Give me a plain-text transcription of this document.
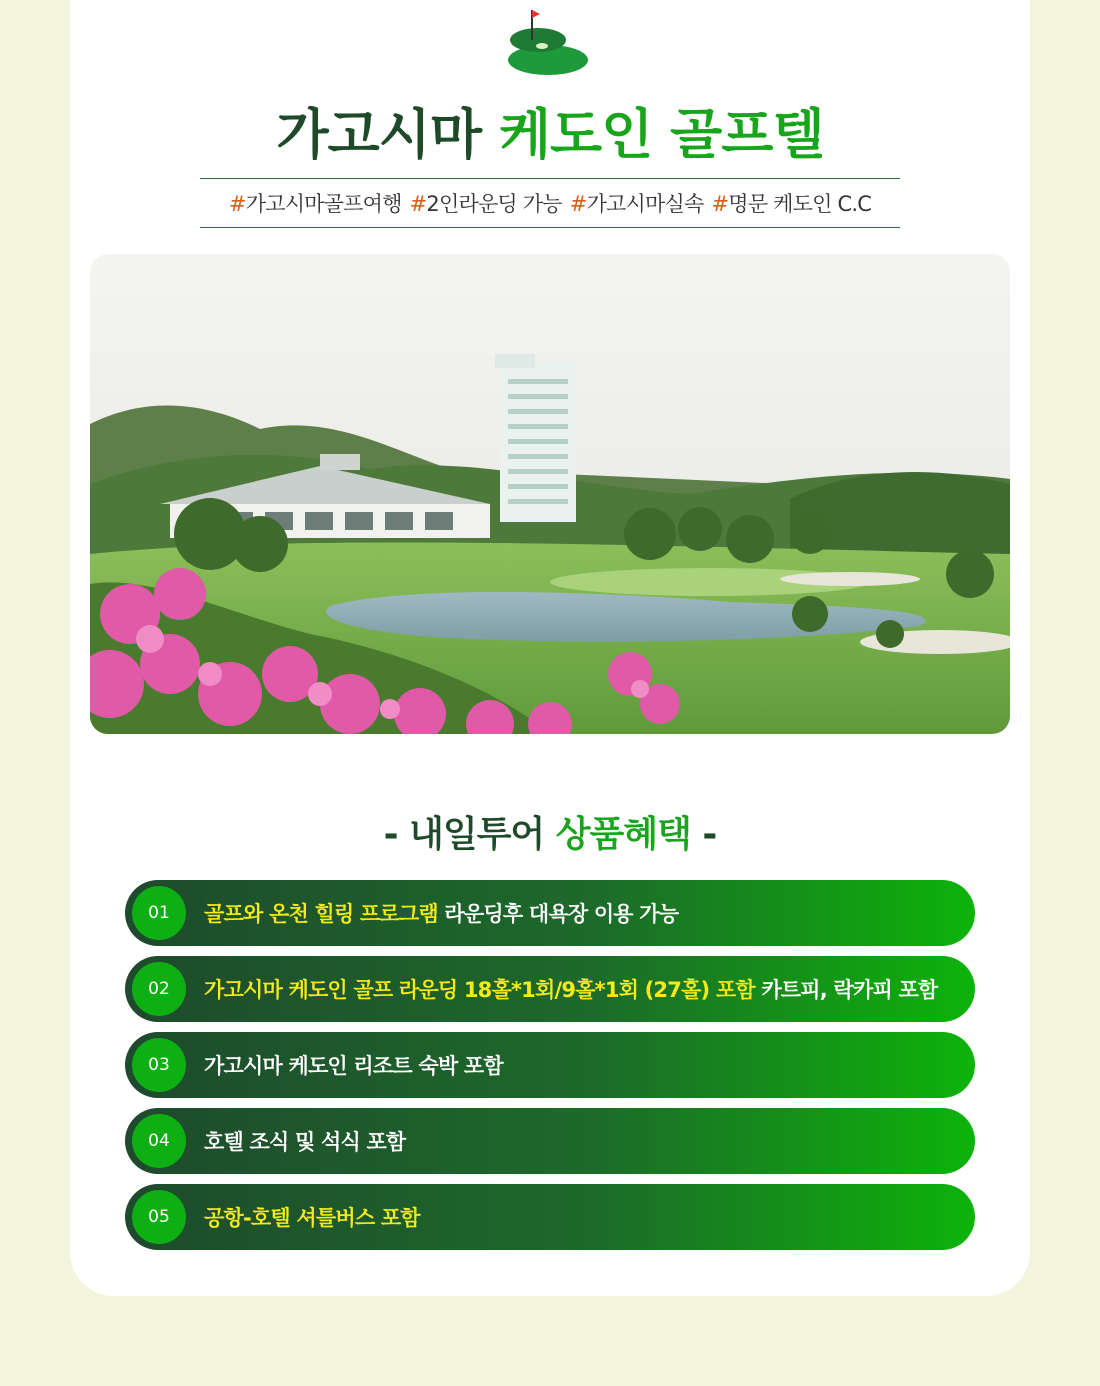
가고시마 케도인 골프텔
#가고시마골프여행 #2인라운딩 가능 #가고시마실속 #명문 케도인 C.C
- 내일투어 상품혜택 -
01	골프와 온천 힐링 프로그램 라운딩후 대욕장 이용 가능
02	가고시마 케도인 골프 라운딩 18홀*1회/9홀*1회 (27홀) 포함 카트피, 락카피 포함
03	가고시마 케도인 리조트 숙박 포함
04	호텔 조식 및 석식 포함
05	공항-호텔 셔틀버스 포함
